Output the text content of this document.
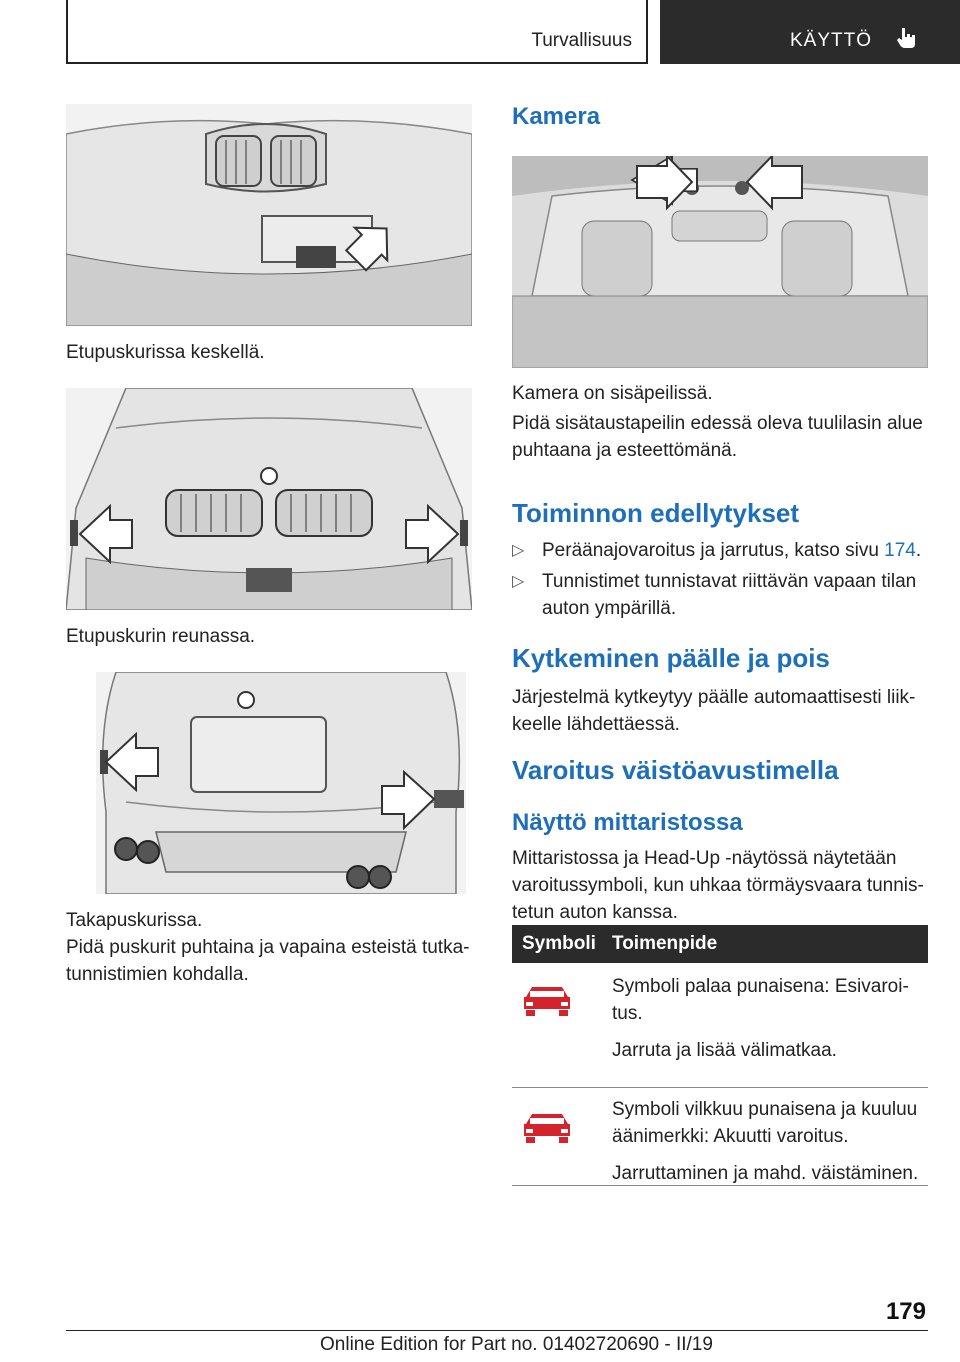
Turvallisuus	KÄYTTÖ
Etupuskurissa keskellä.
Etupuskurin reunassa.
Takapuskurissa.
Pidä puskurit puhtaina ja vapaina esteistä tutka-tunnistimien kohdalla.
Kamera
Kamera on sisäpeilissä.
Pidä sisätaustapeilin edessä oleva tuulilasin alue puhtaana ja esteettömänä.
Toiminnon edellytykset
▷ Peräänajovaroitus ja jarrutus, katso sivu 174.
▷ Tunnistimet tunnistavat riittävän vapaan tilan auton ympärillä.
Kytkeminen päälle ja pois
Järjestelmä kytkeytyy päälle automaattisesti liik-keelle lähdettäessä.
Varoitus väistöavustimella
Näyttö mittaristossa
Mittaristossa ja Head-Up -näytössä näytetään varoitussymboli, kun uhkaa törmäysvaara tunnis-tetun auton kanssa.
Symboli Toimenpide

Symboli palaa punaisena: Esivaroi-tus.

Jarruta ja lisää välimatkaa.

Symboli vilkkuu punaisena ja kuuluu äänimerkki: Akuutti varoitus.

Jarruttaminen ja mahd. väistäminen.

179
Online Edition for Part no. 01402720690 - II/19
